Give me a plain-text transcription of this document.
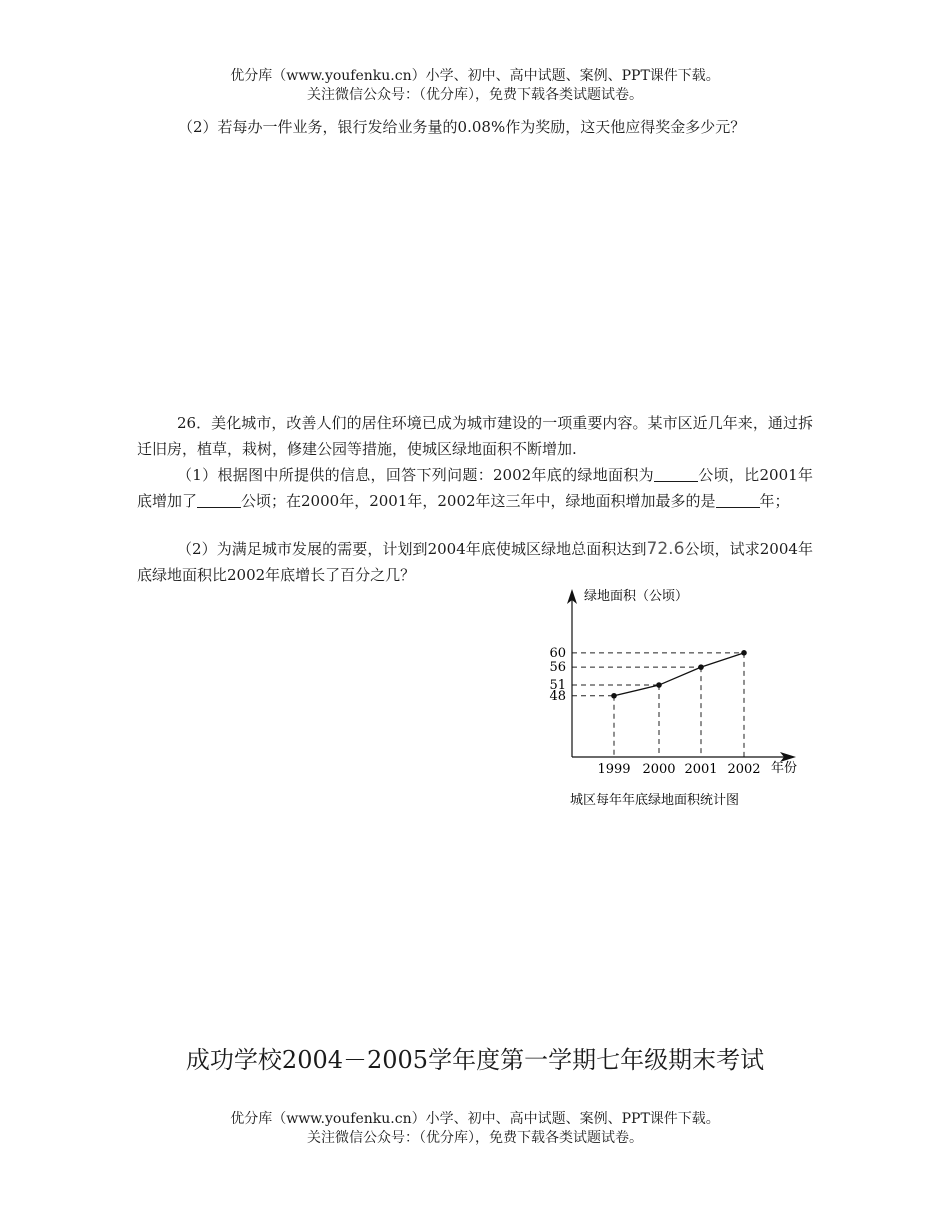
优分库（www.youfenku.cn）小学、初中、高中试题、案例、PPT课件下载。
关注微信公众号：（优分库），免费下载各类试题试卷。
（2）若每办一件业务，银行发给业务量的0.08%作为奖励，这天他应得奖金多少元？
26．美化城市，改善人们的居住环境已成为城市建设的一项重要内容。某市区近几年来，通过拆迁旧房，植草，栽树，修建公园等措施，使城区绿地面积不断增加.
（1）根据图中所提供的信息，回答下列问题：2002年底的绿地面积为	公顷，比2001年底增加了	公顷；在2000年，2001年，2002年这三年中，绿地面积增加最多的是	年；
（2）为满足城市发展的需要，计划到2004年底使城区绿地总面积达到72.6公顷，试求2004年底绿地面积比2002年底增长了百分之几？
绿地面积（公顷）
年份
1999 2000 2001 2002
60
56
51
48
城区每年年底绿地面积统计图
成功学校2004－2005学年度第一学期七年级期末考试
优分库（www.youfenku.cn）小学、初中、高中试题、案例、PPT课件下载。
关注微信公众号：（优分库），免费下载各类试题试卷。
